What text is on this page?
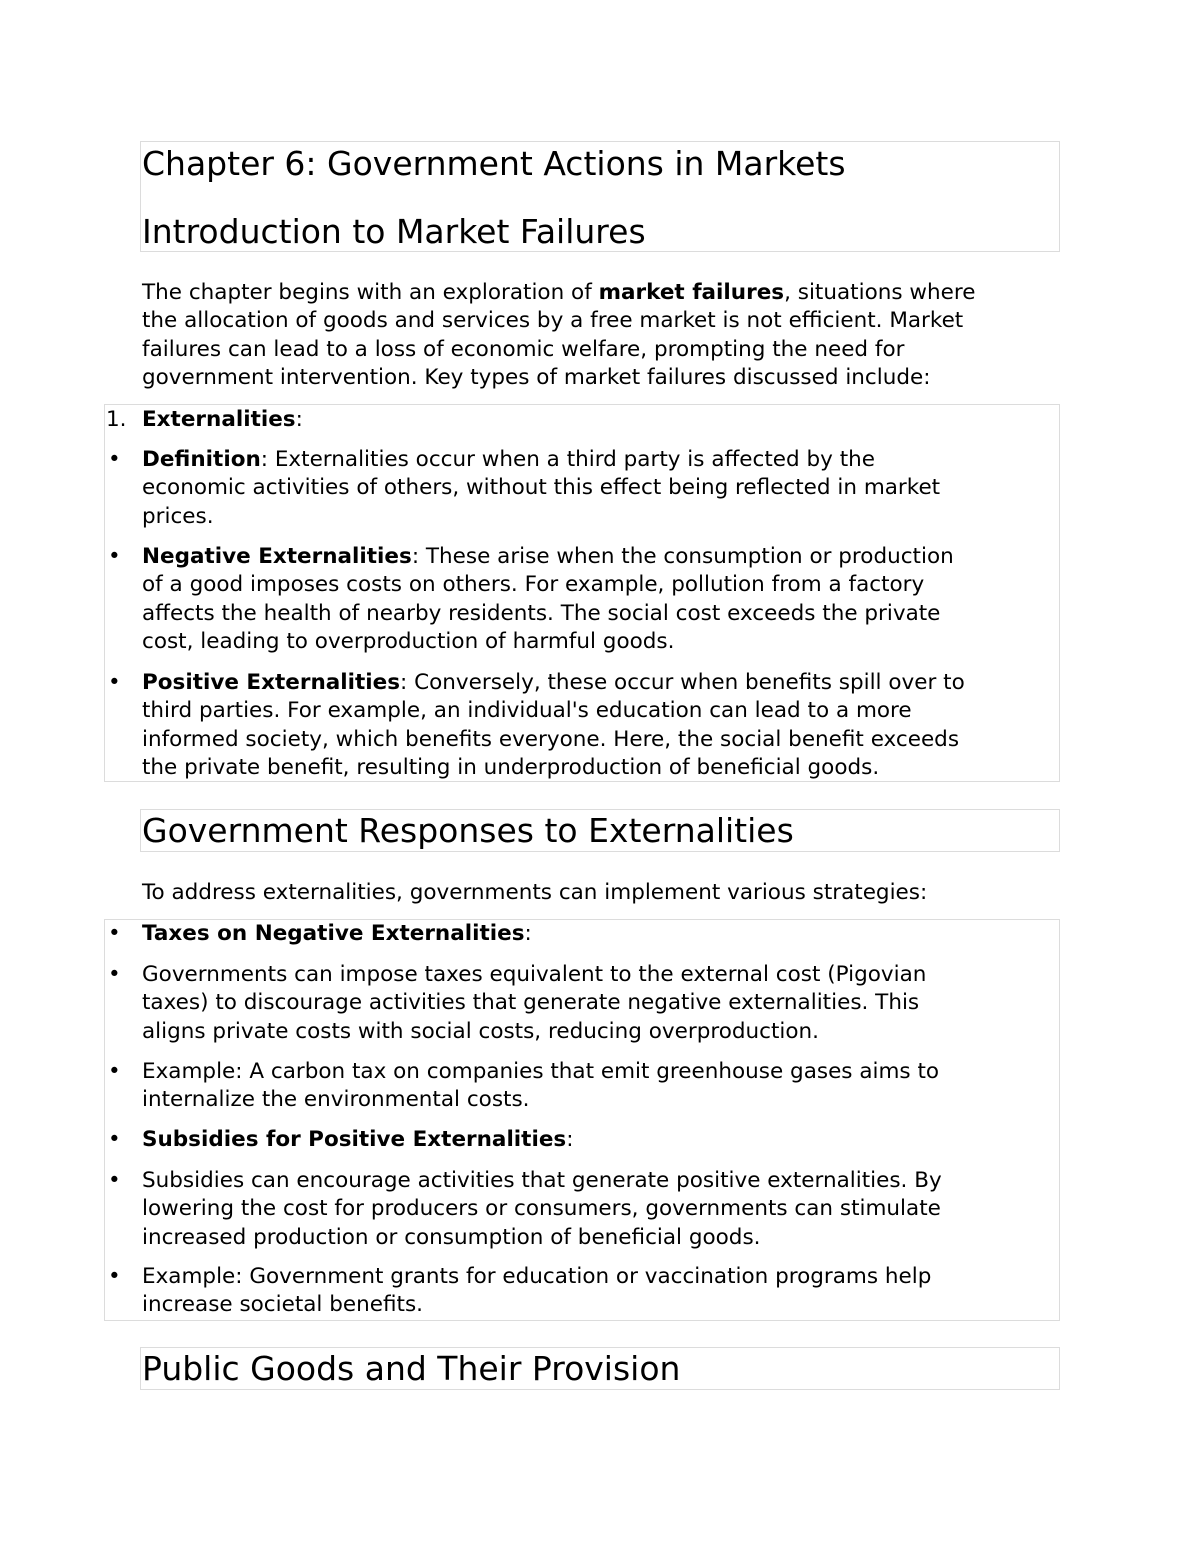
Chapter 6: Government Actions in Markets
Introduction to Market Failures
The chapter begins with an exploration of market failures, situations where
the allocation of goods and services by a free market is not efficient. Market
failures can lead to a loss of economic welfare, prompting the need for
government intervention. Key types of market failures discussed include:
1. Externalities:
• Definition: Externalities occur when a third party is affected by the
economic activities of others, without this effect being reflected in market
prices.
• Negative Externalities: These arise when the consumption or production
of a good imposes costs on others. For example, pollution from a factory
affects the health of nearby residents. The social cost exceeds the private
cost, leading to overproduction of harmful goods.
• Positive Externalities: Conversely, these occur when benefits spill over to
third parties. For example, an individual's education can lead to a more
informed society, which benefits everyone. Here, the social benefit exceeds
the private benefit, resulting in underproduction of beneficial goods.
Government Responses to Externalities
To address externalities, governments can implement various strategies:
• Taxes on Negative Externalities:
• Governments can impose taxes equivalent to the external cost (Pigovian
taxes) to discourage activities that generate negative externalities. This
aligns private costs with social costs, reducing overproduction.
• Example: A carbon tax on companies that emit greenhouse gases aims to
internalize the environmental costs.
• Subsidies for Positive Externalities:
• Subsidies can encourage activities that generate positive externalities. By
lowering the cost for producers or consumers, governments can stimulate
increased production or consumption of beneficial goods.
• Example: Government grants for education or vaccination programs help
increase societal benefits.
Public Goods and Their Provision
